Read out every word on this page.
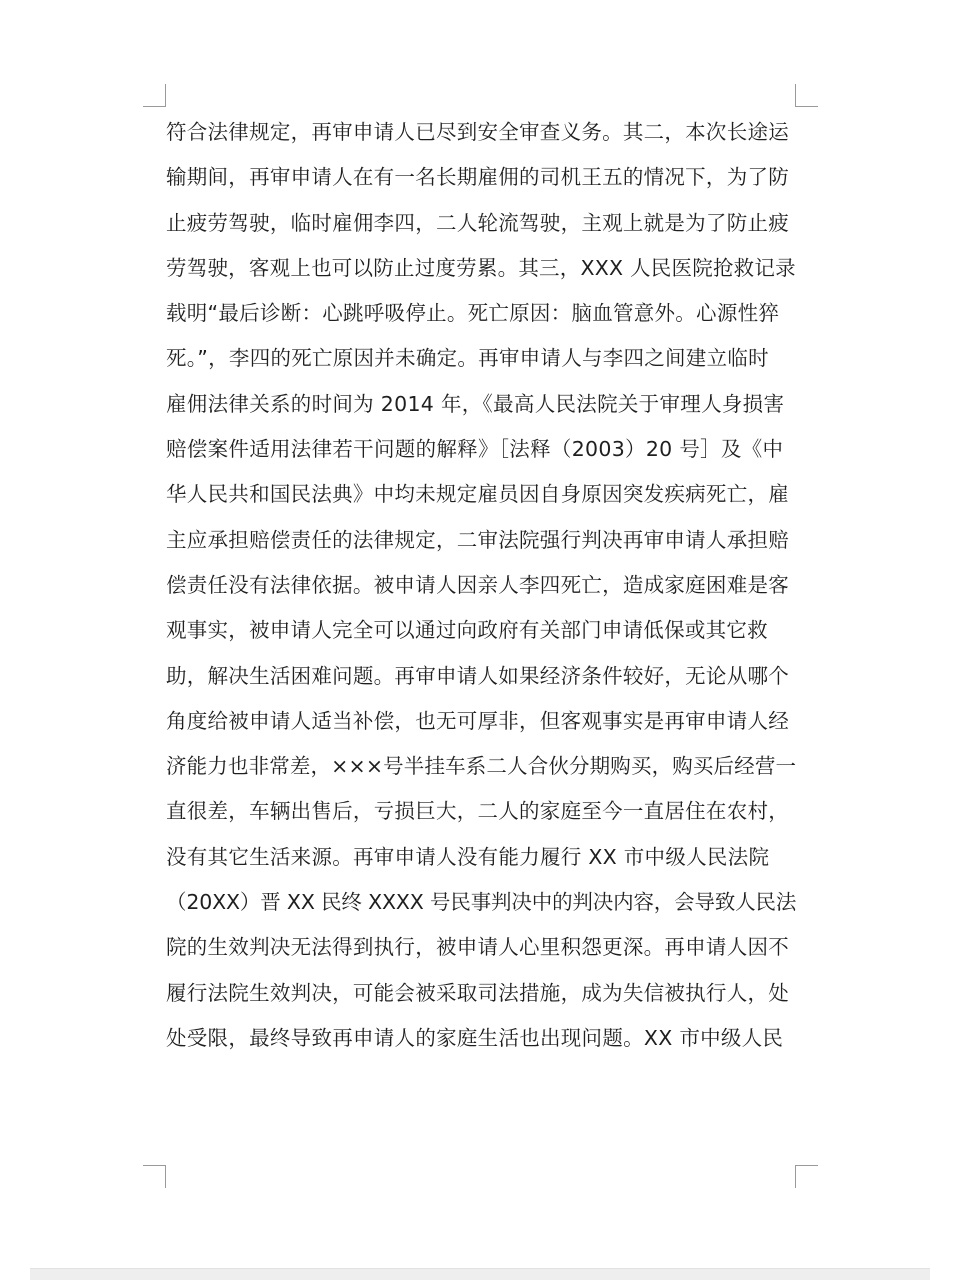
符合法律规定，再审申请人已尽到安全审查义务。其二，本次长途运
输期间，再审申请人在有一名长期雇佣的司机王五的情况下，为了防
止疲劳驾驶，临时雇佣李四，二人轮流驾驶，主观上就是为了防止疲
劳驾驶，客观上也可以防止过度劳累。其三，XXX 人民医院抢救记录
载明“最后诊断：心跳呼吸停止。死亡原因：脑血管意外。心源性猝
死。”，李四的死亡原因并未确定。再审申请人与李四之间建立临时
雇佣法律关系的时间为 2014 年，《最高人民法院关于审理人身损害
赔偿案件适用法律若干问题的解释》［法释（2003）20 号］及《中
华人民共和国民法典》中均未规定雇员因自身原因突发疾病死亡，雇
主应承担赔偿责任的法律规定，二审法院强行判决再审申请人承担赔
偿责任没有法律依据。被申请人因亲人李四死亡，造成家庭困难是客
观事实，被申请人完全可以通过向政府有关部门申请低保或其它救
助，解决生活困难问题。再审申请人如果经济条件较好，无论从哪个
角度给被申请人适当补偿，也无可厚非，但客观事实是再审申请人经
济能力也非常差，×××号半挂车系二人合伙分期购买，购买后经营一
直很差，车辆出售后，亏损巨大，二人的家庭至今一直居住在农村，
没有其它生活来源。再审申请人没有能力履行 XX 市中级人民法院
（20XX）晋 XX 民终 XXXX 号民事判决中的判决内容，会导致人民法
院的生效判决无法得到执行，被申请人心里积怨更深。再申请人因不
履行法院生效判决，可能会被采取司法措施，成为失信被执行人，处
处受限，最终导致再申请人的家庭生活也出现问题。XX 市中级人民
